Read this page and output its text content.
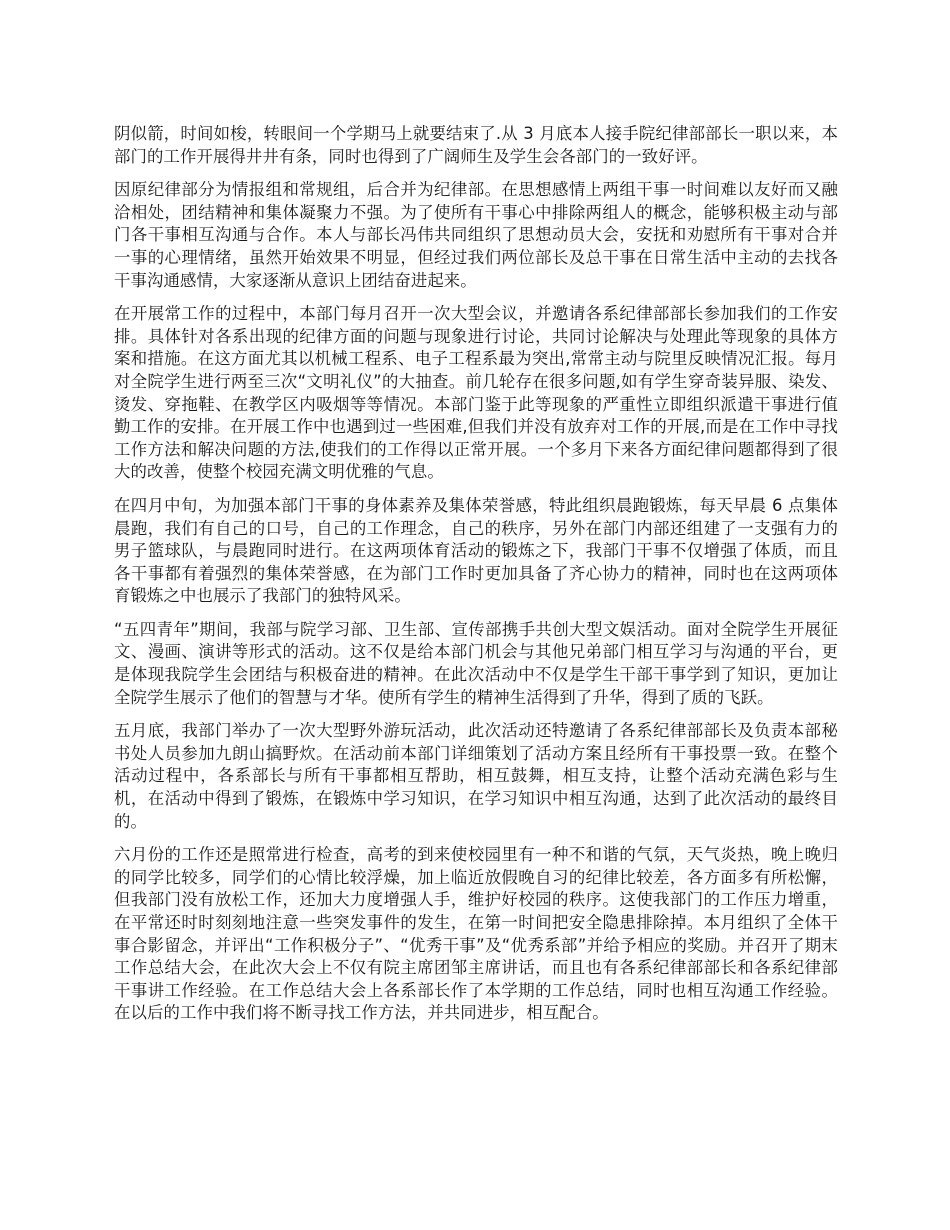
阴似箭，时间如梭，转眼间一个学期马上就要结束了.从 3 月底本人接手院纪律部部长一职以来，本部门的工作开展得井井有条，同时也得到了广阔师生及学生会各部门的一致好评。

因原纪律部分为情报组和常规组，后合并为纪律部。在思想感情上两组干事一时间难以友好而又融洽相处，团结精神和集体凝聚力不强。为了使所有干事心中排除两组人的概念，能够积极主动与部门各干事相互沟通与合作。本人与部长冯伟共同组织了思想动员大会，安抚和劝慰所有干事对合并一事的心理情绪，虽然开始效果不明显，但经过我们两位部长及总干事在日常生活中主动的去找各干事沟通感情，大家逐渐从意识上团结奋进起来。

在开展常工作的过程中，本部门每月召开一次大型会议，并邀请各系纪律部部长参加我们的工作安排。具体针对各系出现的纪律方面的问题与现象进行讨论，共同讨论解决与处理此等现象的具体方案和措施。在这方面尤其以机械工程系、电子工程系最为突出,常常主动与院里反映情况汇报。每月对全院学生进行两至三次“文明礼仪”的大抽查。前几轮存在很多问题,如有学生穿奇装异服、染发、烫发、穿拖鞋、在教学区内吸烟等等情况。本部门鉴于此等现象的严重性立即组织派遣干事进行值勤工作的安排。在开展工作中也遇到过一些困难,但我们并没有放弃对工作的开展,而是在工作中寻找工作方法和解决问题的方法,使我们的工作得以正常开展。一个多月下来各方面纪律问题都得到了很大的改善，使整个校园充满文明优雅的气息。

在四月中旬，为加强本部门干事的身体素养及集体荣誉感，特此组织晨跑锻炼，每天早晨 6 点集体晨跑，我们有自己的口号，自己的工作理念，自己的秩序，另外在部门内部还组建了一支强有力的男子篮球队，与晨跑同时进行。在这两项体育活动的锻炼之下，我部门干事不仅增强了体质，而且各干事都有着强烈的集体荣誉感，在为部门工作时更加具备了齐心协力的精神，同时也在这两项体育锻炼之中也展示了我部门的独特风采。

“五四青年”期间，我部与院学习部、卫生部、宣传部携手共创大型文娱活动。面对全院学生开展征文、漫画、演讲等形式的活动。这不仅是给本部门机会与其他兄弟部门相互学习与沟通的平台，更是体现我院学生会团结与积极奋进的精神。在此次活动中不仅是学生干部干事学到了知识，更加让全院学生展示了他们的智慧与才华。使所有学生的精神生活得到了升华，得到了质的飞跃。

五月底，我部门举办了一次大型野外游玩活动，此次活动还特邀请了各系纪律部部长及负责本部秘书处人员参加九朗山搞野炊。在活动前本部门详细策划了活动方案且经所有干事投票一致。在整个活动过程中，各系部长与所有干事都相互帮助，相互鼓舞，相互支持，让整个活动充满色彩与生机，在活动中得到了锻炼，在锻炼中学习知识，在学习知识中相互沟通，达到了此次活动的最终目的。

六月份的工作还是照常进行检查，高考的到来使校园里有一种不和谐的气氛，天气炎热，晚上晚归的同学比较多，同学们的心情比较浮燥，加上临近放假晚自习的纪律比较差，各方面多有所松懈，但我部门没有放松工作，还加大力度增强人手，维护好校园的秩序。这使我部门的工作压力增重，在平常还时时刻刻地注意一些突发事件的发生，在第一时间把安全隐患排除掉。本月组织了全体干事合影留念，并评出“工作积极分子”、“优秀干事”及“优秀系部”并给予相应的奖励。并召开了期末工作总结大会，在此次大会上不仅有院主席团邹主席讲话，而且也有各系纪律部部长和各系纪律部干事讲工作经验。在工作总结大会上各系部长作了本学期的工作总结，同时也相互沟通工作经验。在以后的工作中我们将不断寻找工作方法，并共同进步，相互配合。
